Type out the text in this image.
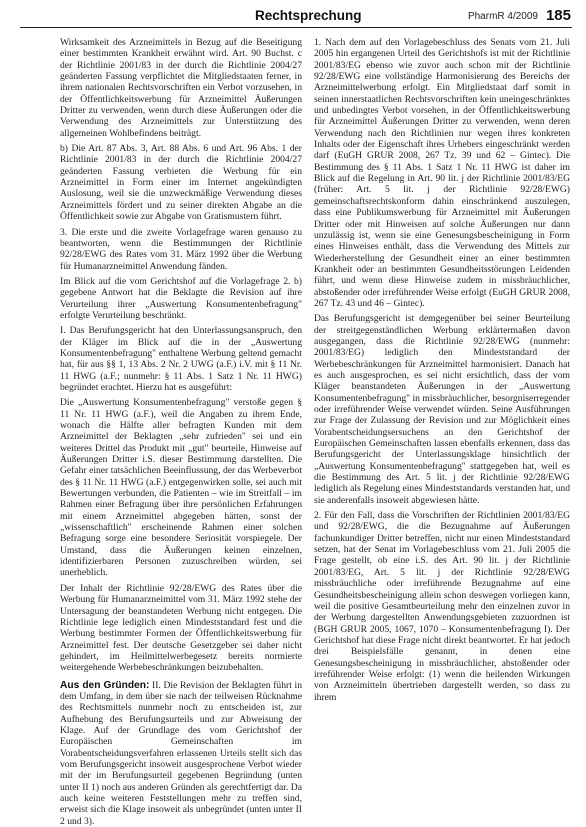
Rechtsprechung	PharmR 4/2009 185

Wirksamkeit des Arzneimittels in Bezug auf die Beseitigung einer bestimmten Krankheit erwähnt wird. Art. 90 Buchst. c der Richtlinie 2001/83 in der durch die Richtlinie 2004/27 geänderten Fassung verpflichtet die Mitgliedstaaten ferner, in ihrem nationalen Rechtsvorschriften ein Verbot vorzusehen, in der Öffentlichkeitswerbung für Arzneimittel Äußerungen Dritter zu verwenden, wenn durch diese Äußerungen oder die Verwendung des Arzneimittels zur Unterstützung des allgemeinen Wohlbefindens beiträgt.

b) Die Art. 87 Abs. 3, Art. 88 Abs. 6 und Art. 96 Abs. 1 der Richtlinie 2001/83 in der durch die Richtlinie 2004/27 geänderten Fassung verbieten die Werbung für ein Arzneimittel in Form einer im Internet angekündigten Auslosung, weil sie die unzweckmäßige Verwendung dieses Arzneimittels fördert und zu seiner direkten Abgabe an die Öffentlichkeit sowie zur Abgabe von Gratismustern führt.

3. Die erste und die zweite Vorlagefrage waren genauso zu beantworten, wenn die Bestimmungen der Richtlinie 92/28/EWG des Rates vom 31. März 1992 über die Werbung für Humanarzneimittel Anwendung fänden.

Im Blick auf die vom Gerichtshof auf die Vorlagefrage 2. b) gegebene Antwort hat die Beklagte die Revision auf ihre Verurteilung ihrer „Auswertung Konsumentenbefragung" erfolgte Verurteilung beschränkt.

I. Das Berufungsgericht hat den Unterlassungsanspruch, den der Kläger im Blick auf die in der „Auswertung Konsumentenbefragung" enthaltene Werbung geltend gemacht hat, für aus §§ 1, 13 Abs. 2 Nr. 2 UWG (a.F.) i.V. mit § 11 Nr. 11 HWG (a.F.; nunmehr: § 11 Abs. 1 Satz 1 Nr. 11 HWG) begründet erachtet. Hierzu hat es ausgeführt:

Die „Auswertung Konsumentenbefragung" verstoße gegen § 11 Nr. 11 HWG (a.F.), weil die Angaben zu ihrem Ende, wonach die Hälfte aller befragten Kunden mit dem Arzneimittel der Beklagten „sehr zufrieden" sei und ein weiteres Drittel das Produkt mit „gut" beurteile, Hinweise auf Äußerungen Dritter i.S. dieser Bestimmung darstellten. Die Gefahr einer tatsächlichen Beeinflussung, der das Werbeverbot des § 11 Nr. 11 HWG (a.F.) entgegenwirken solle, sei auch mit Bewertungen verbunden, die Patienten – wie im Streitfall – im Rahmen einer Befragung über ihre persönlichen Erfahrungen mit einem Arzneimittel abgegeben hätten, sonst der „wissenschaftlich" erscheinende Rahmen einer solchen Befragung sorge eine besondere Seriosität vorspiegele. Der Umstand, dass die Äußerungen keinen einzelnen, identifizierbaren Personen zuzuschreiben würden, sei unerheblich.

Der Inhalt der Richtlinie 92/28/EWG des Rates über die Werbung für Humanarzneimittel vom 31. März 1992 stehe der Untersagung der beanstandeten Werbung nicht entgegen. Die Richtlinie lege lediglich einen Mindeststandard fest und die Werbung bestimmter Formen der Öffentlichkeitswerbung für Arzneimittel fest. Der deutsche Gesetzgeber sei daher nicht gehindert, im Heilmittelwerbegesetz bereits normierte weitergehende Werbebeschränkungen beizubehalten.

Aus den Gründen: II. Die Revision der Beklagten führt in dem Umfang, in dem über sie nach der teilweisen Rücknahme des Rechtsmittels nunmehr noch zu entscheiden ist, zur Aufhebung des Berufungsurteils und zur Abweisung der Klage. Auf der Grundlage des vom Gerichtshof der Europäischen Gemeinschaften im Vorabentscheidungsverfahren erlassenen Urteils stellt sich das vom Berufungsgericht insoweit ausgesprochene Verbot wieder mit der im Berufungsurteil gegebenen Begründung (unten unter II 1) noch aus anderen Gründen als gerechtfertigt dar. Da auch keine weiteren Feststellungen mehr zu treffen sind, erweist sich die Klage insoweit als unbegründet (unten unter II 2 und 3).

1. Nach dem auf den Vorlagebeschluss des Senats vom 21. Juli 2005 hin ergangenen Urteil des Gerichtshofs ist mit der Richtlinie 2001/83/EG ebenso wie zuvor auch schon mit der Richtlinie 92/28/EWG eine vollständige Harmonisierung des Bereichs der Arzneimittelwerbung erfolgt. Ein Mitgliedstaat darf somit in seinen innerstaatlichen Rechtsvorschriften kein uneingeschränktes und unbedingtes Verbot vorsehen, in der Öffentlichkeitswerbung für Arzneimittel Äußerungen Dritter zu verwenden, wenn deren Verwendung nach den Richtlinien nur wegen ihres konkreten Inhalts oder der Eigenschaft ihres Urhebers eingeschränkt werden darf (EuGH GRUR 2008, 267 Tz. 39 und 62 – Gintec). Die Bestimmung des § 11 Abs. 1 Satz 1 Nr. 11 HWG ist daher im Blick auf die Regelung in Art. 90 lit. j der Richtlinie 2001/83/EG (früher: Art. 5 lit. j der Richtlinie 92/28/EWG) gemeinschaftsrechtskonform dahin einschränkend auszulegen, dass eine Publikumswerbung für Arzneimittel mit Äußerungen Dritter oder mit Hinweisen auf solche Äußerungen nur dann unzulässig ist, wenn sie eine Genesungsbescheinigung in Form eines Hinweises enthält, dass die Verwendung des Mittels zur Wiederherstellung der Gesundheit einer an einer bestimmten Krankheit oder an bestimmten Gesundheitsstörungen Leidenden führt, und wenn diese Hinweise zudem in missbräuchlicher, abstoßender oder irreführender Weise erfolgt (EuGH GRUR 2008, 267 Tz. 43 und 46 – Gintec).

Das Berufungsgericht ist demgegenüber bei seiner Beurteilung der streitgegenständlichen Werbung erklärtermaßen davon ausgegangen, dass die Richtlinie 92/28/EWG (nunmehr: 2001/83/EG) lediglich den Mindeststandard der Werbebeschränkungen für Arzneimittel harmonisiert. Danach hat es auch ausgesprochen, es sei nicht ersichtlich, dass der vom Kläger beanstandeten Äußerungen in der „Auswertung Konsumentenbefragung" in missbräuchlicher, besorgniserregender oder irreführender Weise verwendet würden. Seine Ausführungen zur Frage der Zulassung der Revision und zur Möglichkeit eines Vorabentscheidungsersuchens an den Gerichtshof der Europäischen Gemeinschaften lassen ebenfalls erkennen, dass das Berufungsgericht der Unterlassungsklage hinsichtlich der „Auswertung Konsumentenbefragung" stattgegeben hat, weil es die Bestimmung des Art. 5 lit. j der Richtlinie 92/28/EWG lediglich als Regelung eines Mindeststandards verstanden hat, und sie anderenfalls insoweit abgewiesen hätte.

2. Für den Fall, dass die Vorschriften der Richtlinien 2001/83/EG und 92/28/EWG, die die Bezugnahme auf Äußerungen fachunkundiger Dritter betreffen, nicht nur einen Mindeststandard setzen, hat der Senat im Vorlagebeschluss vom 21. Juli 2005 die Frage gestellt, ob eine i.S. des Art. 90 lit. j der Richtlinie 2001/83/EG, Art. 5 lit. j der Richtlinie 92/28/EWG missbräuchliche oder irreführende Bezugnahme auf eine Gesundheitsbescheinigung allein schon deswegen vorliegen kann, weil die positive Gesamtbeurteilung mehr den einzelnen zuvor in der Werbung dargestellten Anwendungsgebieten zuzuordnen ist (BGH GRUR 2005, 1067, 1070 – Konsumentenbefragung I). Der Gerichtshof hat diese Frage nicht direkt beantwortet. Er hat jedoch drei Beispielsfälle genannt, in denen eine Genesungsbescheinigung in missbräuchlicher, abstoßender oder irreführender Weise erfolgt: (1) wenn die heilenden Wirkungen von Arzneimitteln übertrieben dargestellt werden, so dass zu ihrem
